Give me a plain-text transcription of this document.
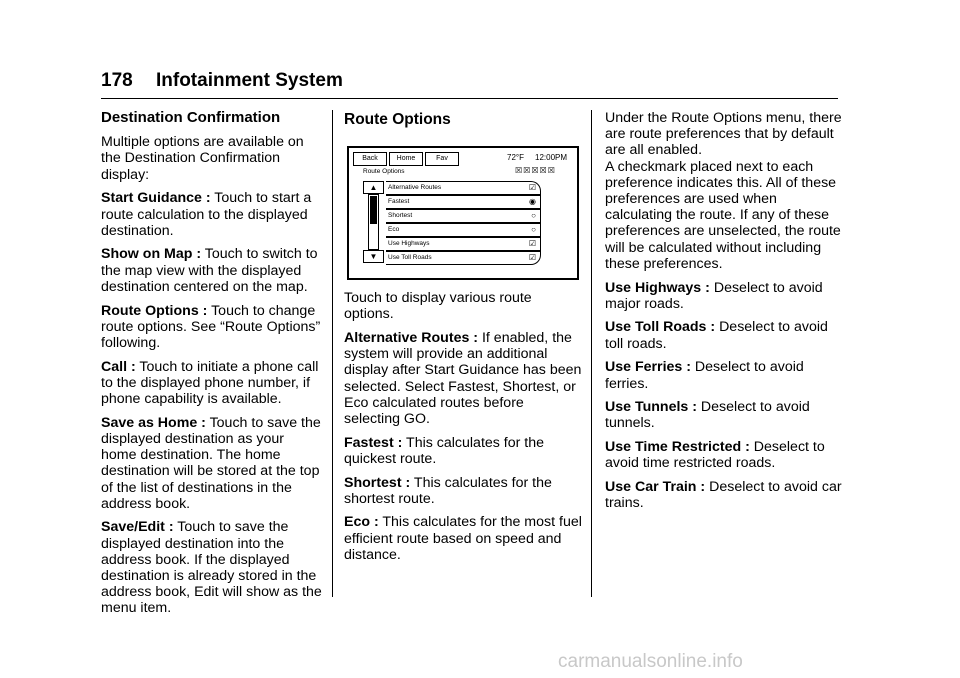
178 Infotainment System
Destination Confirmation

Multiple options are available on the Destination Confirmation display:

Start Guidance : Touch to start a route calculation to the displayed destination.

Show on Map : Touch to switch to the map view with the displayed destination centered on the map.

Route Options : Touch to change route options. See “Route Options” following.

Call : Touch to initiate a phone call to the displayed phone number, if phone capability is available.

Save as Home : Touch to save the displayed destination as your home destination. The home destination will be stored at the top of the list of destinations in the address book.

Save/Edit : Touch to save the displayed destination into the address book. If the displayed destination is already stored in the address book, Edit will show as the menu item.

Route Options
Back	Home	Fav	72°F 12:00PM
Route Options	☒☒☒☒☒
▲
▼
Alternative Routes	☑
Fastest	◉
Shortest	○
Eco	○
Use Highways	☑
Use Toll Roads	☑

Touch to display various route options.

Alternative Routes : If enabled, the system will provide an additional display after Start Guidance has been selected. Select Fastest, Shortest, or Eco calculated routes before selecting GO.

Fastest : This calculates for the quickest route.

Shortest : This calculates for the shortest route.

Eco : This calculates for the most fuel efficient route based on speed and distance.

Under the Route Options menu, there are route preferences that by default are all enabled.

A checkmark placed next to each preference indicates this. All of these preferences are used when calculating the route. If any of these preferences are unselected, the route will be calculated without including these preferences.

Use Highways : Deselect to avoid major roads.

Use Toll Roads : Deselect to avoid toll roads.

Use Ferries : Deselect to avoid ferries.

Use Tunnels : Deselect to avoid tunnels.

Use Time Restricted : Deselect to avoid time restricted roads.

Use Car Train : Deselect to avoid car trains.

carmanualsonline.info
